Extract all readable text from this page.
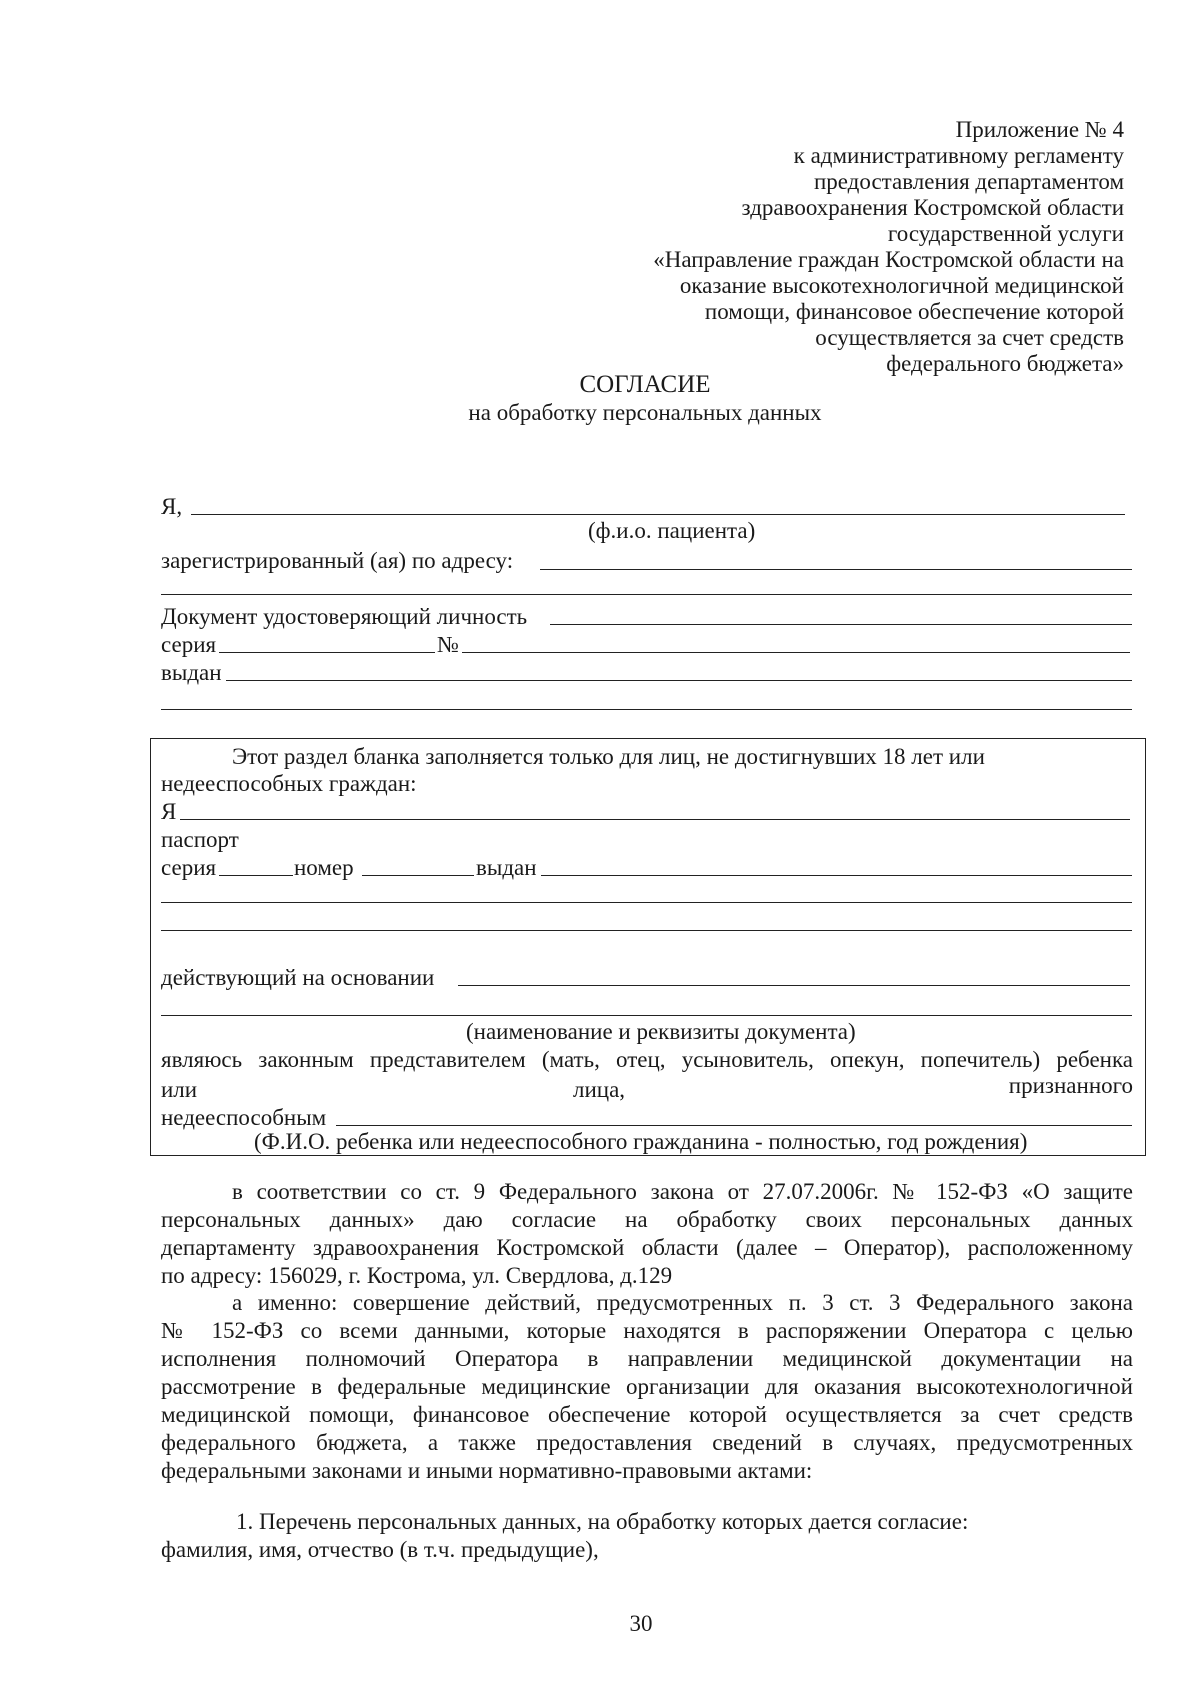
Приложение № 4
к административному регламенту
предоставления департаментом
здравоохранения Костромской области
государственной услуги
«Направление граждан Костромской области на
оказание высокотехнологичной медицинской
помощи, финансовое обеспечение которой
осуществляется за счет средств
федерального бюджета»
СОГЛАСИЕ
на обработку персональных данных
Я,
(ф.и.о. пациента)
зарегистрированный (ая) по адресу:
Документ удостоверяющий личность
серия	№
выдан
Этот раздел бланка заполняется только для лиц, не достигнувших 18 лет или
недееспособных граждан:
Я
паспорт
серия	номер	выдан
действующий на основании
(наименование и реквизиты документа)
являюсь законным представителем (мать, отец, усыновитель, опекун, попечитель) ребенка
или	лица,	признанного
недееспособным
(Ф.И.О. ребенка или недееспособного гражданина - полностью, год рождения)
в соответствии со ст. 9 Федерального закона от 27.07.2006г. № 152-ФЗ «О защите
персональных данных» даю согласие на обработку своих персональных данных
департаменту здравоохранения Костромской области (далее – Оператор), расположенному
по адресу: 156029, г. Кострома, ул. Свердлова, д.129
а именно: совершение действий, предусмотренных п. 3 ст. 3 Федерального закона
№ 152-ФЗ со всеми данными, которые находятся в распоряжении Оператора с целью
исполнения полномочий Оператора в направлении медицинской документации на
рассмотрение в федеральные медицинские организации для оказания высокотехнологичной
медицинской помощи, финансовое обеспечение которой осуществляется за счет средств
федерального бюджета, а также предоставления сведений в случаях, предусмотренных
федеральными законами и иными нормативно-правовыми актами:
1. Перечень персональных данных, на обработку которых дается согласие:
фамилия, имя, отчество (в т.ч. предыдущие),
30
